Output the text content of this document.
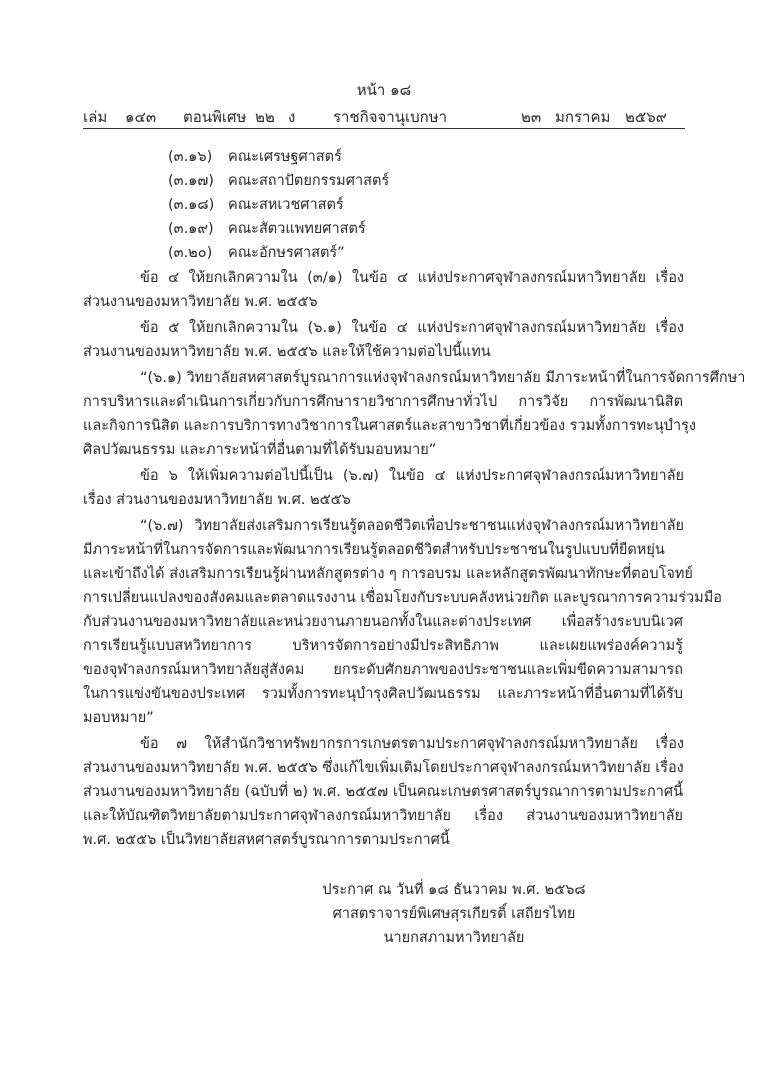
หน้า ๑๘
เล่ม ๑๔๓ ตอนพิเศษ ๒๒ ง	ราชกิจจานุเบกษา	๒๓ มกราคม ๒๕๖๙
(๓.๑๖) คณะเศรษฐศาสตร์
(๓.๑๗) คณะสถาปัตยกรรมศาสตร์
(๓.๑๘) คณะสหเวชศาสตร์
(๓.๑๙) คณะสัตวแพทยศาสตร์
(๓.๒๐) คณะอักษรศาสตร์”
ข้อ ๔ ให้ยกเลิกความใน (๓/๑) ในข้อ ๔ แห่งประกาศจุฬาลงกรณ์มหาวิทยาลัย เรื่อง
ส่วนงานของมหาวิทยาลัย พ.ศ. ๒๕๕๖
ข้อ ๕ ให้ยกเลิกความใน (๖.๑) ในข้อ ๔ แห่งประกาศจุฬาลงกรณ์มหาวิทยาลัย เรื่อง
ส่วนงานของมหาวิทยาลัย พ.ศ. ๒๕๕๖ และให้ใช้ความต่อไปนี้แทน
“(๖.๑) วิทยาลัยสหศาสตร์บูรณาการแห่งจุฬาลงกรณ์มหาวิทยาลัย มีภาระหน้าที่ในการจัดการศึกษา
การบริหารและดำเนินการเกี่ยวกับการศึกษารายวิชาการศึกษาทั่วไป การวิจัย การพัฒนานิสิต
และกิจการนิสิต และการบริการทางวิชาการในศาสตร์และสาขาวิชาที่เกี่ยวข้อง รวมทั้งการทะนุบำรุง
ศิลปวัฒนธรรม และภาระหน้าที่อื่นตามที่ได้รับมอบหมาย”
ข้อ ๖ ให้เพิ่มความต่อไปนี้เป็น (๖.๗) ในข้อ ๔ แห่งประกาศจุฬาลงกรณ์มหาวิทยาลัย
เรื่อง ส่วนงานของมหาวิทยาลัย พ.ศ. ๒๕๕๖
“(๖.๗) วิทยาลัยส่งเสริมการเรียนรู้ตลอดชีวิตเพื่อประชาชนแห่งจุฬาลงกรณ์มหาวิทยาลัย
มีภาระหน้าที่ในการจัดการและพัฒนาการเรียนรู้ตลอดชีวิตสำหรับประชาชนในรูปแบบที่ยืดหยุ่น
และเข้าถึงได้ ส่งเสริมการเรียนรู้ผ่านหลักสูตรต่าง ๆ การอบรม และหลักสูตรพัฒนาทักษะที่ตอบโจทย์
การเปลี่ยนแปลงของสังคมและตลาดแรงงาน เชื่อมโยงกับระบบคลังหน่วยกิต และบูรณาการความร่วมมือ
กับส่วนงานของมหาวิทยาลัยและหน่วยงานภายนอกทั้งในและต่างประเทศ เพื่อสร้างระบบนิเวศ
การเรียนรู้แบบสหวิทยาการ บริหารจัดการอย่างมีประสิทธิภาพ และเผยแพร่องค์ความรู้
ของจุฬาลงกรณ์มหาวิทยาลัยสู่สังคม ยกระดับศักยภาพของประชาชนและเพิ่มขีดความสามารถ
ในการแข่งขันของประเทศ รวมทั้งการทะนุบำรุงศิลปวัฒนธรรม และภาระหน้าที่อื่นตามที่ได้รับ
มอบหมาย”
ข้อ ๗ ให้สำนักวิชาทรัพยากรการเกษตรตามประกาศจุฬาลงกรณ์มหาวิทยาลัย เรื่อง
ส่วนงานของมหาวิทยาลัย พ.ศ. ๒๕๕๖ ซึ่งแก้ไขเพิ่มเติมโดยประกาศจุฬาลงกรณ์มหาวิทยาลัย เรื่อง
ส่วนงานของมหาวิทยาลัย (ฉบับที่ ๒) พ.ศ. ๒๕๕๗ เป็นคณะเกษตรศาสตร์บูรณาการตามประกาศนี้
และให้บัณฑิตวิทยาลัยตามประกาศจุฬาลงกรณ์มหาวิทยาลัย เรื่อง ส่วนงานของมหาวิทยาลัย
พ.ศ. ๒๕๕๖ เป็นวิทยาลัยสหศาสตร์บูรณาการตามประกาศนี้
ประกาศ ณ วันที่ ๑๘ ธันวาคม พ.ศ. ๒๕๖๘
ศาสตราจารย์พิเศษสุรเกียรติ์ เสถียรไทย
นายกสภามหาวิทยาลัย
